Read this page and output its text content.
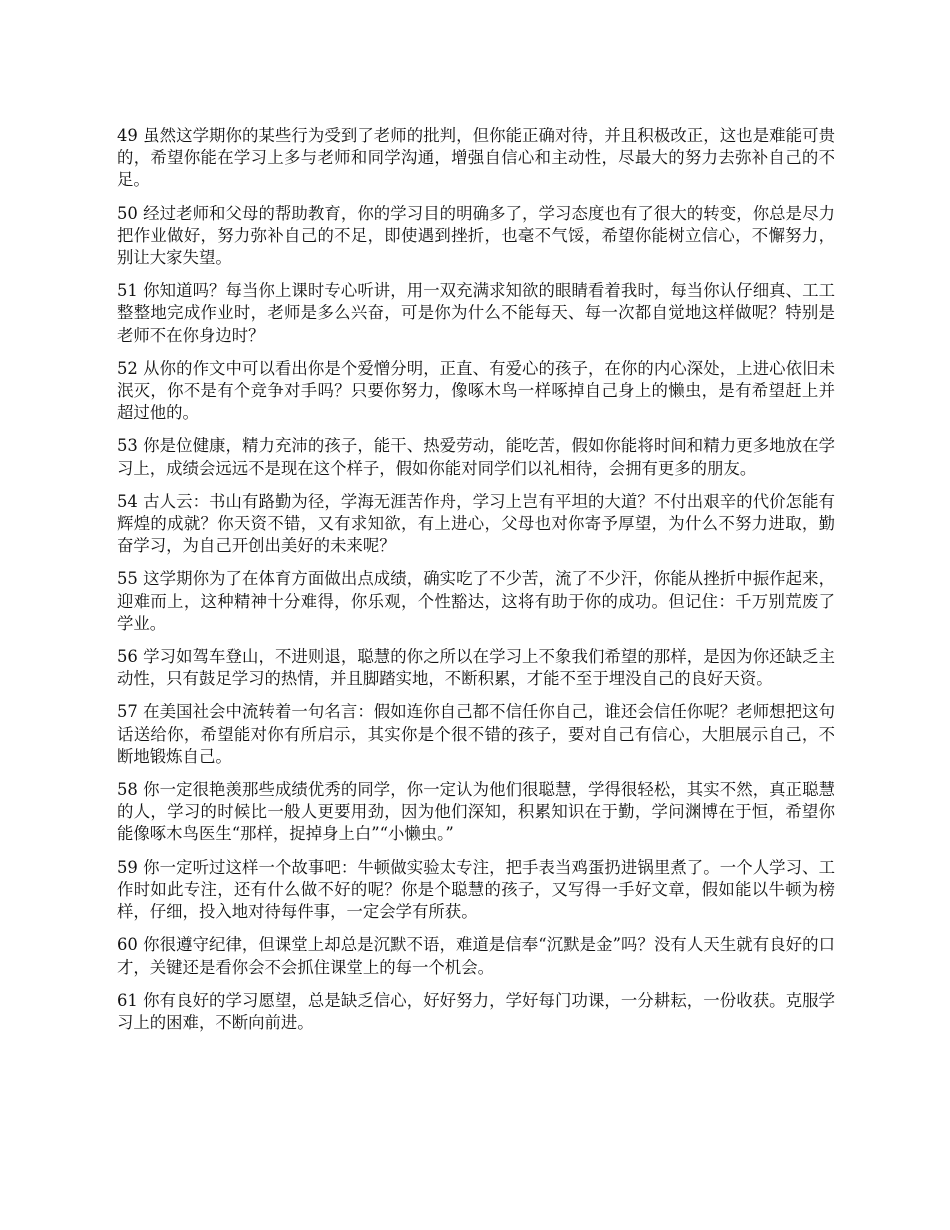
49 虽然这学期你的某些行为受到了老师的批判，但你能正确对待，并且积极改正，这也是难能可贵的，希望你能在学习上多与老师和同学沟通，增强自信心和主动性，尽最大的努力去弥补自己的不足。

50 经过老师和父母的帮助教育，你的学习目的明确多了，学习态度也有了很大的转变，你总是尽力把作业做好，努力弥补自己的不足，即使遇到挫折，也毫不气馁，希望你能树立信心，不懈努力，别让大家失望。

51 你知道吗？每当你上课时专心听讲，用一双充满求知欲的眼睛看着我时，每当你认仔细真、工工整整地完成作业时，老师是多么兴奋，可是你为什么不能每天、每一次都自觉地这样做呢？特别是老师不在你身边时？

52 从你的作文中可以看出你是个爱憎分明，正直、有爱心的孩子，在你的内心深处，上进心依旧未泯灭，你不是有个竞争对手吗？只要你努力，像啄木鸟一样啄掉自己身上的懒虫，是有希望赶上并超过他的。

53 你是位健康，精力充沛的孩子，能干、热爱劳动，能吃苦，假如你能将时间和精力更多地放在学习上，成绩会远远不是现在这个样子，假如你能对同学们以礼相待，会拥有更多的朋友。

54 古人云：书山有路勤为径，学海无涯苦作舟，学习上岂有平坦的大道？不付出艰辛的代价怎能有辉煌的成就？你天资不错，又有求知欲，有上进心，父母也对你寄予厚望，为什么不努力进取，勤奋学习，为自己开创出美好的未来呢？

55 这学期你为了在体育方面做出点成绩，确实吃了不少苦，流了不少汗，你能从挫折中振作起来，迎难而上，这种精神十分难得，你乐观，个性豁达，这将有助于你的成功。但记住：千万别荒废了学业。

56 学习如驾车登山，不进则退，聪慧的你之所以在学习上不象我们希望的那样，是因为你还缺乏主动性，只有鼓足学习的热情，并且脚踏实地，不断积累，才能不至于埋没自己的良好天资。

57 在美国社会中流转着一句名言：假如连你自己都不信任你自己，谁还会信任你呢？老师想把这句话送给你，希望能对你有所启示，其实你是个很不错的孩子，要对自己有信心，大胆展示自己，不断地锻炼自己。

58 你一定很艳羡那些成绩优秀的同学，你一定认为他们很聪慧，学得很轻松，其实不然，真正聪慧的人，学习的时候比一般人更要用劲，因为他们深知，积累知识在于勤，学问渊博在于恒，希望你能像啄木鸟医生“那样，捉掉身上白”“小懒虫。”

59 你一定听过这样一个故事吧：牛顿做实验太专注，把手表当鸡蛋扔进锅里煮了。一个人学习、工作时如此专注，还有什么做不好的呢？你是个聪慧的孩子，又写得一手好文章，假如能以牛顿为榜样，仔细，投入地对待每件事，一定会学有所获。

60 你很遵守纪律，但课堂上却总是沉默不语，难道是信奉“沉默是金”吗？没有人天生就有良好的口才，关键还是看你会不会抓住课堂上的每一个机会。

61 你有良好的学习愿望，总是缺乏信心，好好努力，学好每门功课，一分耕耘，一份收获。克服学习上的困难，不断向前进。
